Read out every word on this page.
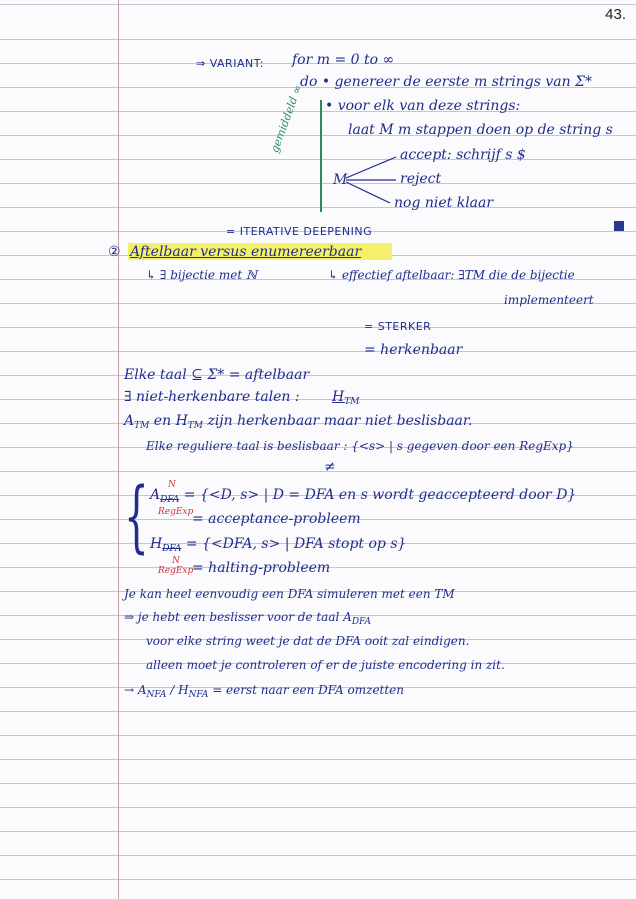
43.
⇒ VARIANT: for m = 0 to ∞
do • genereer de eerste m strings van Σ*
• voor elk van deze strings:
laat M m stappen doen op de string s
gemiddeld ∞
M
accept: schrijf s $
reject
nog niet klaar
= ITERATIVE DEEPENING
② Aftelbaar versus enumereerbaar
↳ ∃ bijectie met ℕ	↳ effectief aftelbaar: ∃TM die de bijectie
implementeert
= STERKER
= herkenbaar
Elke taal ⊆ Σ* = aftelbaar
∃ niet-herkenbare talen : $H_{TM}$
$A_{TM}$ en $H_{TM}$ zijn herkenbaar maar niet beslisbaar.
Elke reguliere taal is beslisbaar : {<s> | s gegeven door een RegExp}
≠
{ N
$A_{DFA} = \{<D$, s> | D = DFA en s wordt geaccepteerd door D}
RegExp
= acceptance-probleem
$H_{DFA} = \{<DFA$, s> | DFA stopt op s}
N
RegExp
= halting-probleem
Je kan heel eenvoudig een DFA simuleren met een TM
⇒ je hebt een beslisser voor de taal $A_{DFA}$
voor elke string weet je dat de DFA ooit zal eindigen.
alleen moet je controleren of er de juiste encodering in zit.
→ $A_{NFA} / H_{NFA}$ = eerst naar een DFA omzetten
